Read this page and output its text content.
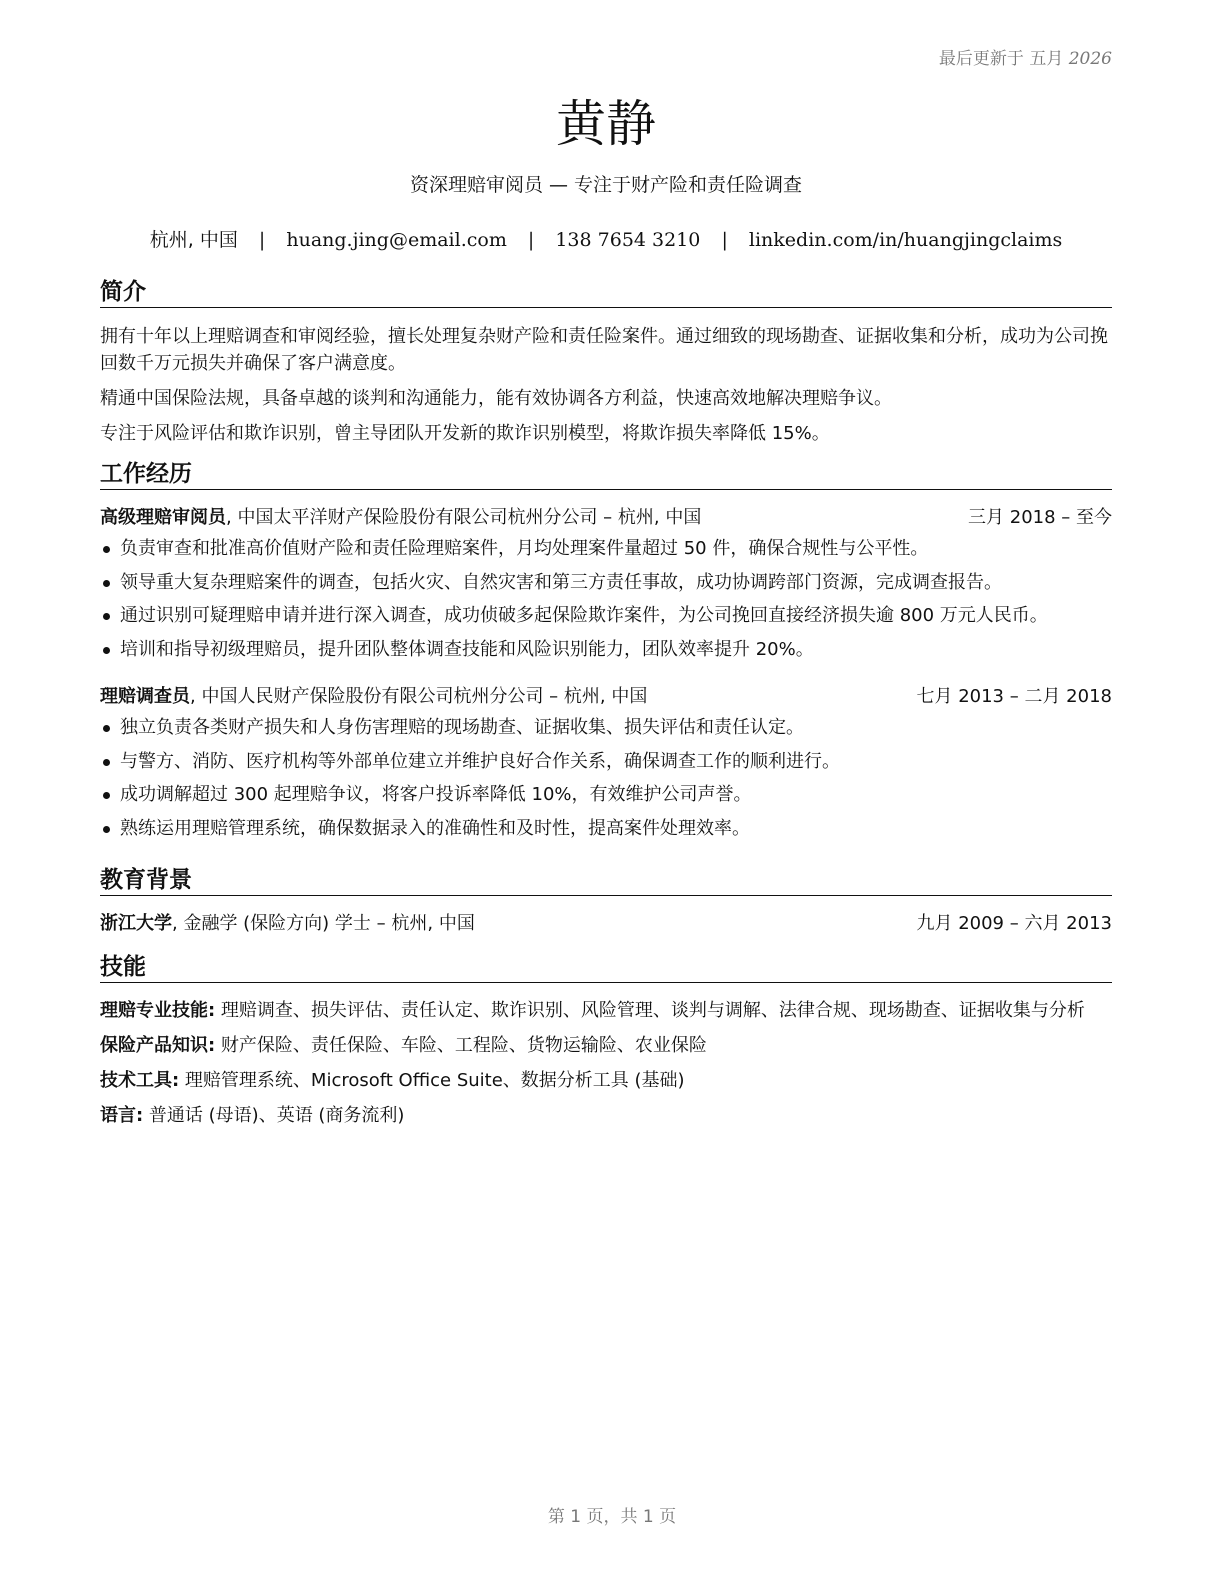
最后更新于 五月 2026
黄静
资深理赔审阅员 — 专注于财产险和责任险调查
杭州, 中国 | huang.jing@email.com | 138 7654 3210 | linkedin.com/in/huangjingclaims
简介

拥有十年以上理赔调查和审阅经验，擅长处理复杂财产险和责任险案件。通过细致的现场勘查、证据收集和分析，成功为公司挽回数千万元损失并确保了客户满意度。

精通中国保险法规，具备卓越的谈判和沟通能力，能有效协调各方利益，快速高效地解决理赔争议。

专注于风险评估和欺诈识别，曾主导团队开发新的欺诈识别模型，将欺诈损失率降低 15%。

工作经历
高级理赔审阅员, 中国太平洋财产保险股份有限公司杭州分公司 – 杭州, 中国	三月 2018 – 至今
负责审查和批准高价值财产险和责任险理赔案件，月均处理案件量超过 50 件，确保合规性与公平性。
领导重大复杂理赔案件的调查，包括火灾、自然灾害和第三方责任事故，成功协调跨部门资源，完成调查报告。
通过识别可疑理赔申请并进行深入调查，成功侦破多起保险欺诈案件，为公司挽回直接经济损失逾 800 万元人民币。
培训和指导初级理赔员，提升团队整体调查技能和风险识别能力，团队效率提升 20%。
理赔调查员, 中国人民财产保险股份有限公司杭州分公司 – 杭州, 中国	七月 2013 – 二月 2018
独立负责各类财产损失和人身伤害理赔的现场勘查、证据收集、损失评估和责任认定。
与警方、消防、医疗机构等外部单位建立并维护良好合作关系，确保调查工作的顺利进行。
成功调解超过 300 起理赔争议，将客户投诉率降低 10%，有效维护公司声誉。
熟练运用理赔管理系统，确保数据录入的准确性和及时性，提高案件处理效率。
教育背景
浙江大学, 金融学 (保险方向) 学士 – 杭州, 中国	九月 2009 – 六月 2013
技能

理赔专业技能: 理赔调查、损失评估、责任认定、欺诈识别、风险管理、谈判与调解、法律合规、现场勘查、证据收集与分析

保险产品知识: 财产保险、责任保险、车险、工程险、货物运输险、农业保险

技术工具: 理赔管理系统、Microsoft Office Suite、数据分析工具 (基础)

语言: 普通话 (母语)、英语 (商务流利)

第 1 页，共 1 页
